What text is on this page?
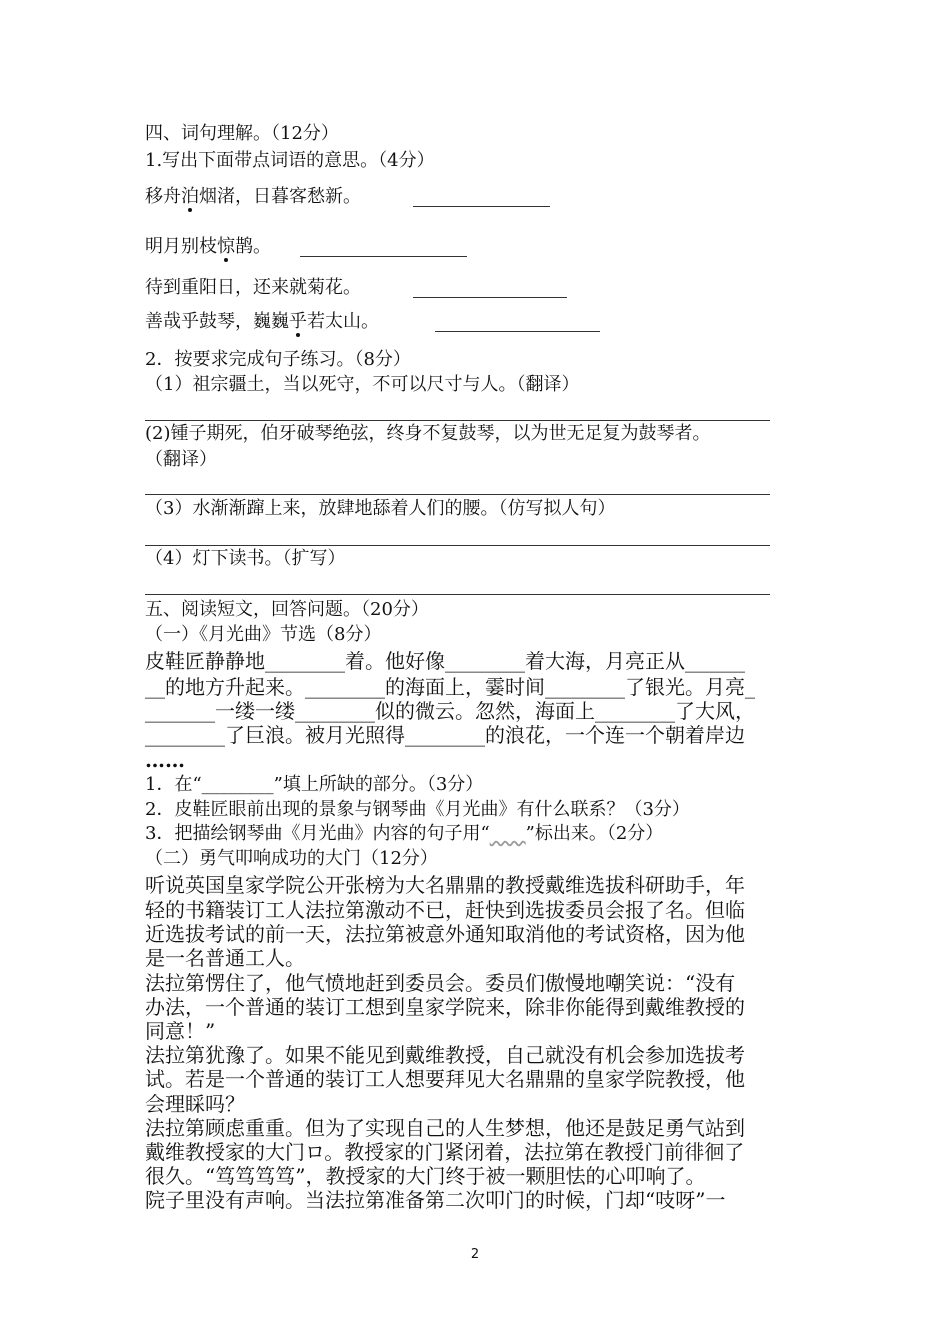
四、词句理解。（12分）
1.写出下面带点词语的意思。（4分）
移舟泊烟渚，日暮客愁新。
明月别枝惊鹊。
待到重阳日，还来就菊花。
善哉乎鼓琴，巍巍乎若太山。
2．按要求完成句子练习。（8分）
（1）祖宗疆土，当以死守，不可以尺寸与人。（翻译）
(2)锺子期死，伯牙破琴绝弦，终身不复鼓琴，以为世无足复为鼓琴者。
（翻译）
（3）水渐渐蹿上来，放肆地舔着人们的腰。（仿写拟人句）
（4）灯下读书。（扩写）
五、阅读短文，回答问题。（20分）
（一）《月光曲》节选（8分）
皮鞋匠静静地________着。他好像________着大海，月亮正从______
__的地方升起来。________的海面上，霎时间________了银光。月亮_
_______一缕一缕________似的微云。忽然，海面上________了大风，
________了巨浪。被月光照得________的浪花，一个连一个朝着岸边
……
1．在“________”填上所缺的部分。（3分）
2．皮鞋匠眼前出现的景象与钢琴曲《月光曲》有什么联系？（3分）
3．把描绘钢琴曲《月光曲》内容的句子用“ ”标出来。（2分）
（二）勇气叩响成功的大门（12分）
听说英国皇家学院公开张榜为大名鼎鼎的教授戴维选拔科研助手，年
轻的书籍装订工人法拉第激动不已，赶快到选拔委员会报了名。但临
近选拔考试的前一天，法拉第被意外通知取消他的考试资格，因为他
是一名普通工人。
法拉第愣住了，他气愤地赶到委员会。委员们傲慢地嘲笑说：“没有
办法，一个普通的装订工想到皇家学院来，除非你能得到戴维教授的
同意！”
法拉第犹豫了。如果不能见到戴维教授，自己就没有机会参加选拔考
试。若是一个普通的装订工人想要拜见大名鼎鼎的皇家学院教授，他
会理睬吗？
法拉第顾虑重重。但为了实现自己的人生梦想，他还是鼓足勇气站到
戴维教授家的大门ロ。教授家的门紧闭着，法拉第在教授门前徘徊了
很久。“笃笃笃笃”，教授家的大门终于被一颗胆怯的心叩响了。
院子里没有声响。当法拉第准备第二次叩门的时候，门却“吱呀”一
2
